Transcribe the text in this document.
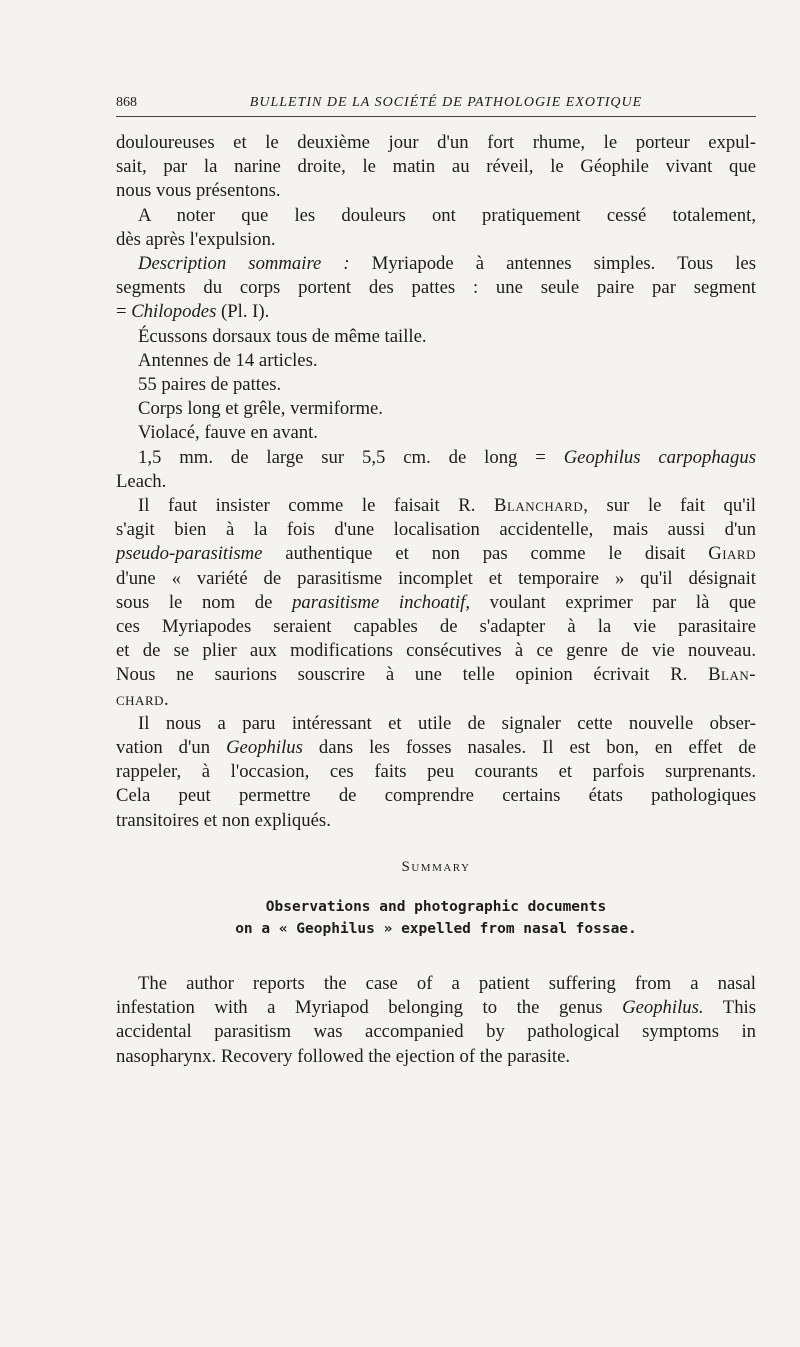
868	BULLETIN DE LA SOCIÉTÉ DE PATHOLOGIE EXOTIQUE

douloureuses et le deuxième jour d'un fort rhume, le porteur expul-
sait, par la narine droite, le matin au réveil, le Géophile vivant que
nous vous présentons.

A noter que les douleurs ont pratiquement cessé totalement,
dès après l'expulsion.

Description sommaire : Myriapode à antennes simples. Tous les
segments du corps portent des pattes : une seule paire par segment
= Chilopodes (Pl. I).

Écussons dorsaux tous de même taille.

Antennes de 14 articles.

55 paires de pattes.

Corps long et grêle, vermiforme.

Violacé, fauve en avant.

1,5 mm. de large sur 5,5 cm. de long = Geophilus carpophagus
Leach.

Il faut insister comme le faisait R. Blanchard, sur le fait qu'il
s'agit bien à la fois d'une localisation accidentelle, mais aussi d'un
pseudo-parasitisme authentique et non pas comme le disait Giard
d'une « variété de parasitisme incomplet et temporaire » qu'il désignait
sous le nom de parasitisme inchoatif, voulant exprimer par là que
ces Myriapodes seraient capables de s'adapter à la vie parasitaire
et de se plier aux modifications consécutives à ce genre de vie nouveau.
Nous ne saurions souscrire à une telle opinion écrivait R. Blan-
chard.

Il nous a paru intéressant et utile de signaler cette nouvelle obser-
vation d'un Geophilus dans les fosses nasales. Il est bon, en effet de
rappeler, à l'occasion, ces faits peu courants et parfois surprenants.
Cela peut permettre de comprendre certains états pathologiques
transitoires et non expliqués.

Summary
Observations and photographic documents
on a « Geophilus » expelled from nasal fossae.

The author reports the case of a patient suffering from a nasal
infestation with a Myriapod belonging to the genus Geophilus. This
accidental parasitism was accompanied by pathological symptoms in
nasopharynx. Recovery followed the ejection of the parasite.
